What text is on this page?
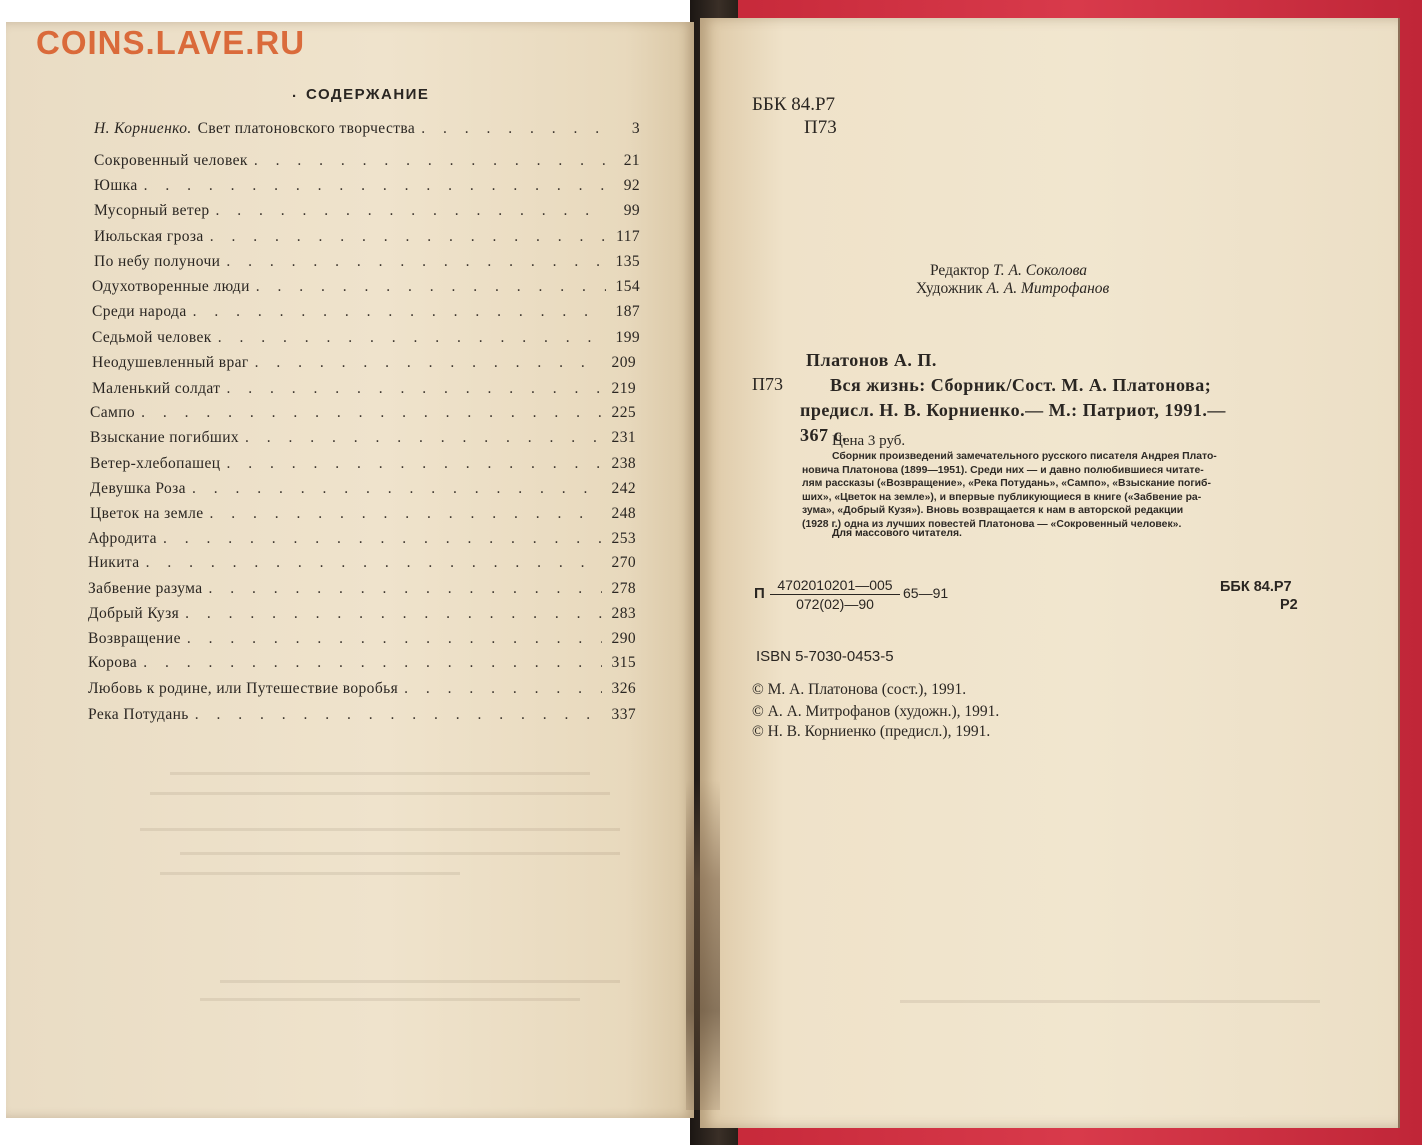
COINS.LAVE.RU
. СОДЕРЖАНИЕ
Н. Корниенко. Свет платоновского творчества . . .	3
Сокровенный человек . . .	21
Юшка . . .	92
Мусорный ветер . . .	99
Июльская гроза . . .	117
По небу полуночи . . .	135
Одухотворенные люди . . .	154
Среди народа . . .	187
Седьмой человек . . .	199
Неодушевленный враг . . .	209
Маленький солдат . . .	219
Сампо . . .	225
Взыскание погибших . . .	231
Ветер-хлебопашец . . .	238
Девушка Роза . . .	242
Цветок на земле . . .	248
Афродита . . .	253
Никита . . .	270
Забвение разума . . .	278
Добрый Кузя . . .	283
Возвращение . . .	290
Корова . . .	315
Любовь к родине, или Путешествие воробья . . .	326
Река Потудань . . .	337
ББК 84.Р7
П73
Редактор Т. А. Соколова
Художник А. А. Митрофанов
Платонов А. П.
П73	Вся жизнь: Сборник/Сост. М. А. Платонова;
предисл. Н. В. Корниенко.— М.: Патриот, 1991.—
367 с.
Цена 3 руб.
Сборник произведений замечательного русского писателя Андрея Плато-
новича Платонова (1899—1951). Среди них — и давно полюбившиеся читате-
лям рассказы («Возвращение», «Река Потудань», «Сампо», «Взыскание погиб-
ших», «Цветок на земле»), и впервые публикующиеся в книге («Забвение ра-
зума», «Добрый Кузя»). Вновь возвращается к нам в авторской редакции
(1928 г.) одна из лучших повестей Платонова — «Сокровенный человек».
Для массового читателя.
П $\frac{4702010201—005}{072(02)—90}$ 65—91	ББК 84.Р7
Р2
ISBN 5-7030-0453-5
© М. А. Платонова (сост.), 1991.
© А. А. Митрофанов (художн.), 1991.
© Н. В. Корниенко (предисл.), 1991.
